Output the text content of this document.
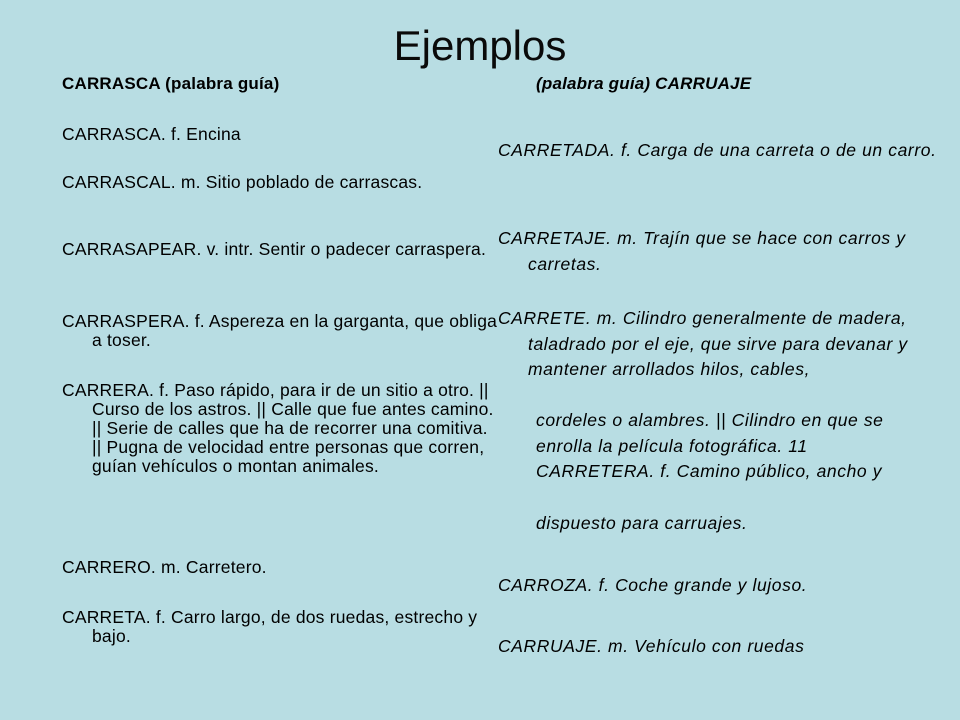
Ejemplos
CARRASCA (palabra guía)	(palabra guía) CARRUAJE
CARRASCA. f. Encina
CARRASCAL. m. Sitio poblado de carrascas.
CARRASAPEAR. v. intr. Sentir o padecer carraspera.
CARRASPERA. f. Aspereza en la garganta, que obliga a toser.
CARRERA. f. Paso rápido, para ir de un sitio a otro. || Curso de los astros. || Calle que fue antes camino. || Serie de calles que ha de recorrer una comitiva. || Pugna de velocidad entre personas que corren, guían vehículos o montan animales.
CARRERO. m. Carretero.
CARRETA. f. Carro largo, de dos ruedas, estrecho y bajo.
CARRETADA. f. Carga de una carreta o de un carro.
CARRETAJE. m. Trajín que se hace con carros y carretas.
CARRETE. m. Cilindro generalmente de madera, taladrado por el eje, que sirve para devanar y mantener arrollados hilos, cables,
cordeles o alambres. || Cilindro en que se enrolla la película fotográfica. 11 CARRETERA. f. Camino público, ancho y
dispuesto para carruajes.
CARROZA. f. Coche grande y lujoso.
CARRUAJE. m. Vehículo con ruedas
